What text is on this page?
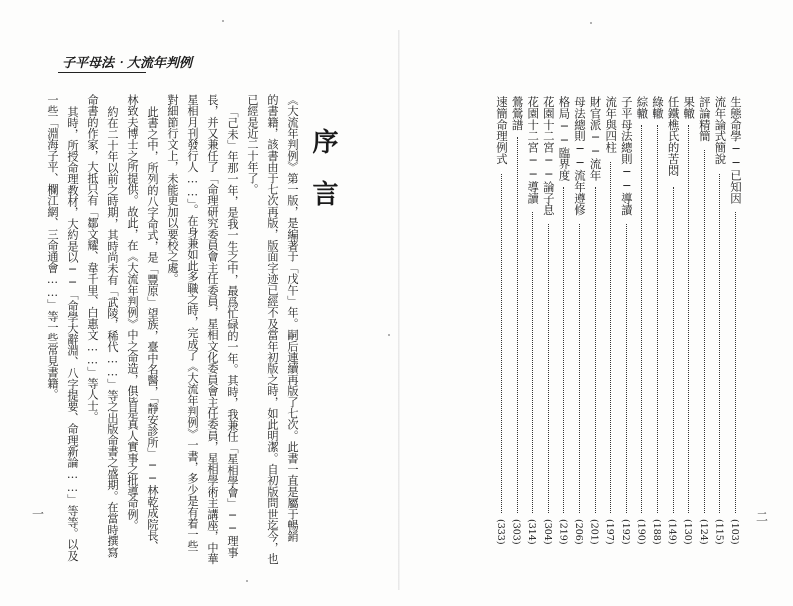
子平母法‧大流年判例
序
言
《大流年判例》第一版，是編著于「戊午」年。嗣后連續再版了七次。此書一直是屬于暢銷
的書籍，該書由于七次再版，版面字迹已經不及當年初版之時，如此明潔。自初版問世迄今，也
已經是近二十年了。
「己未」年那一年，是我一生之中，最爲忙碌的一年。其時，我兼任「星相學會」──理事
長，并又兼任了「命理研究委員會主任委員，星相文化委員會主任委員，星相學術主講座，中華
星相月刊發行人……」。在身兼如此多職之時，完成了《大流年判例》一書，多少是有着一些
對細節行文上，未能更加以要校之處。
此書之中，所列的八字命式，是「豐原」望族，臺中名醫，「靜安診所」──林乾成院長、
林致夫博士之所提供。故此，在《大流年判例》中之命造，俱皆是真人實事之批導命例。
約在二十年以前之時期，其時尚未有「武陵，稀代……」等之出版命書之盛期。在當時撰寫
命書的作家，大抵只有「鄒文耀、韋千里、白惠文……」等人士。
其時，所授命理教材，大約是以──「命學大辭淵、八字提要、命理新論……」等等。以及
一些「淵海子平、欄江網、三命通會……」等一些常見書籍。
一
生態命學──已知因
(103)
流年論式簡說
(115)
評論精簡
(124)
果轍
(130)
任鐵樵氏的苦悶
(149)
綠轍
(188)
綜轍
(190)
子平母法總則──導讀
(192)
流年與四柱
(197)
財官派──流年
(201)
母法總則──流年遵修
(206)
格局──臨界度
(219)
花園十二宮──論子息
(304)
花園十二宮──導讀
(314)
鶯鶯譜
(303)
速簡命理例式
(333)
二
